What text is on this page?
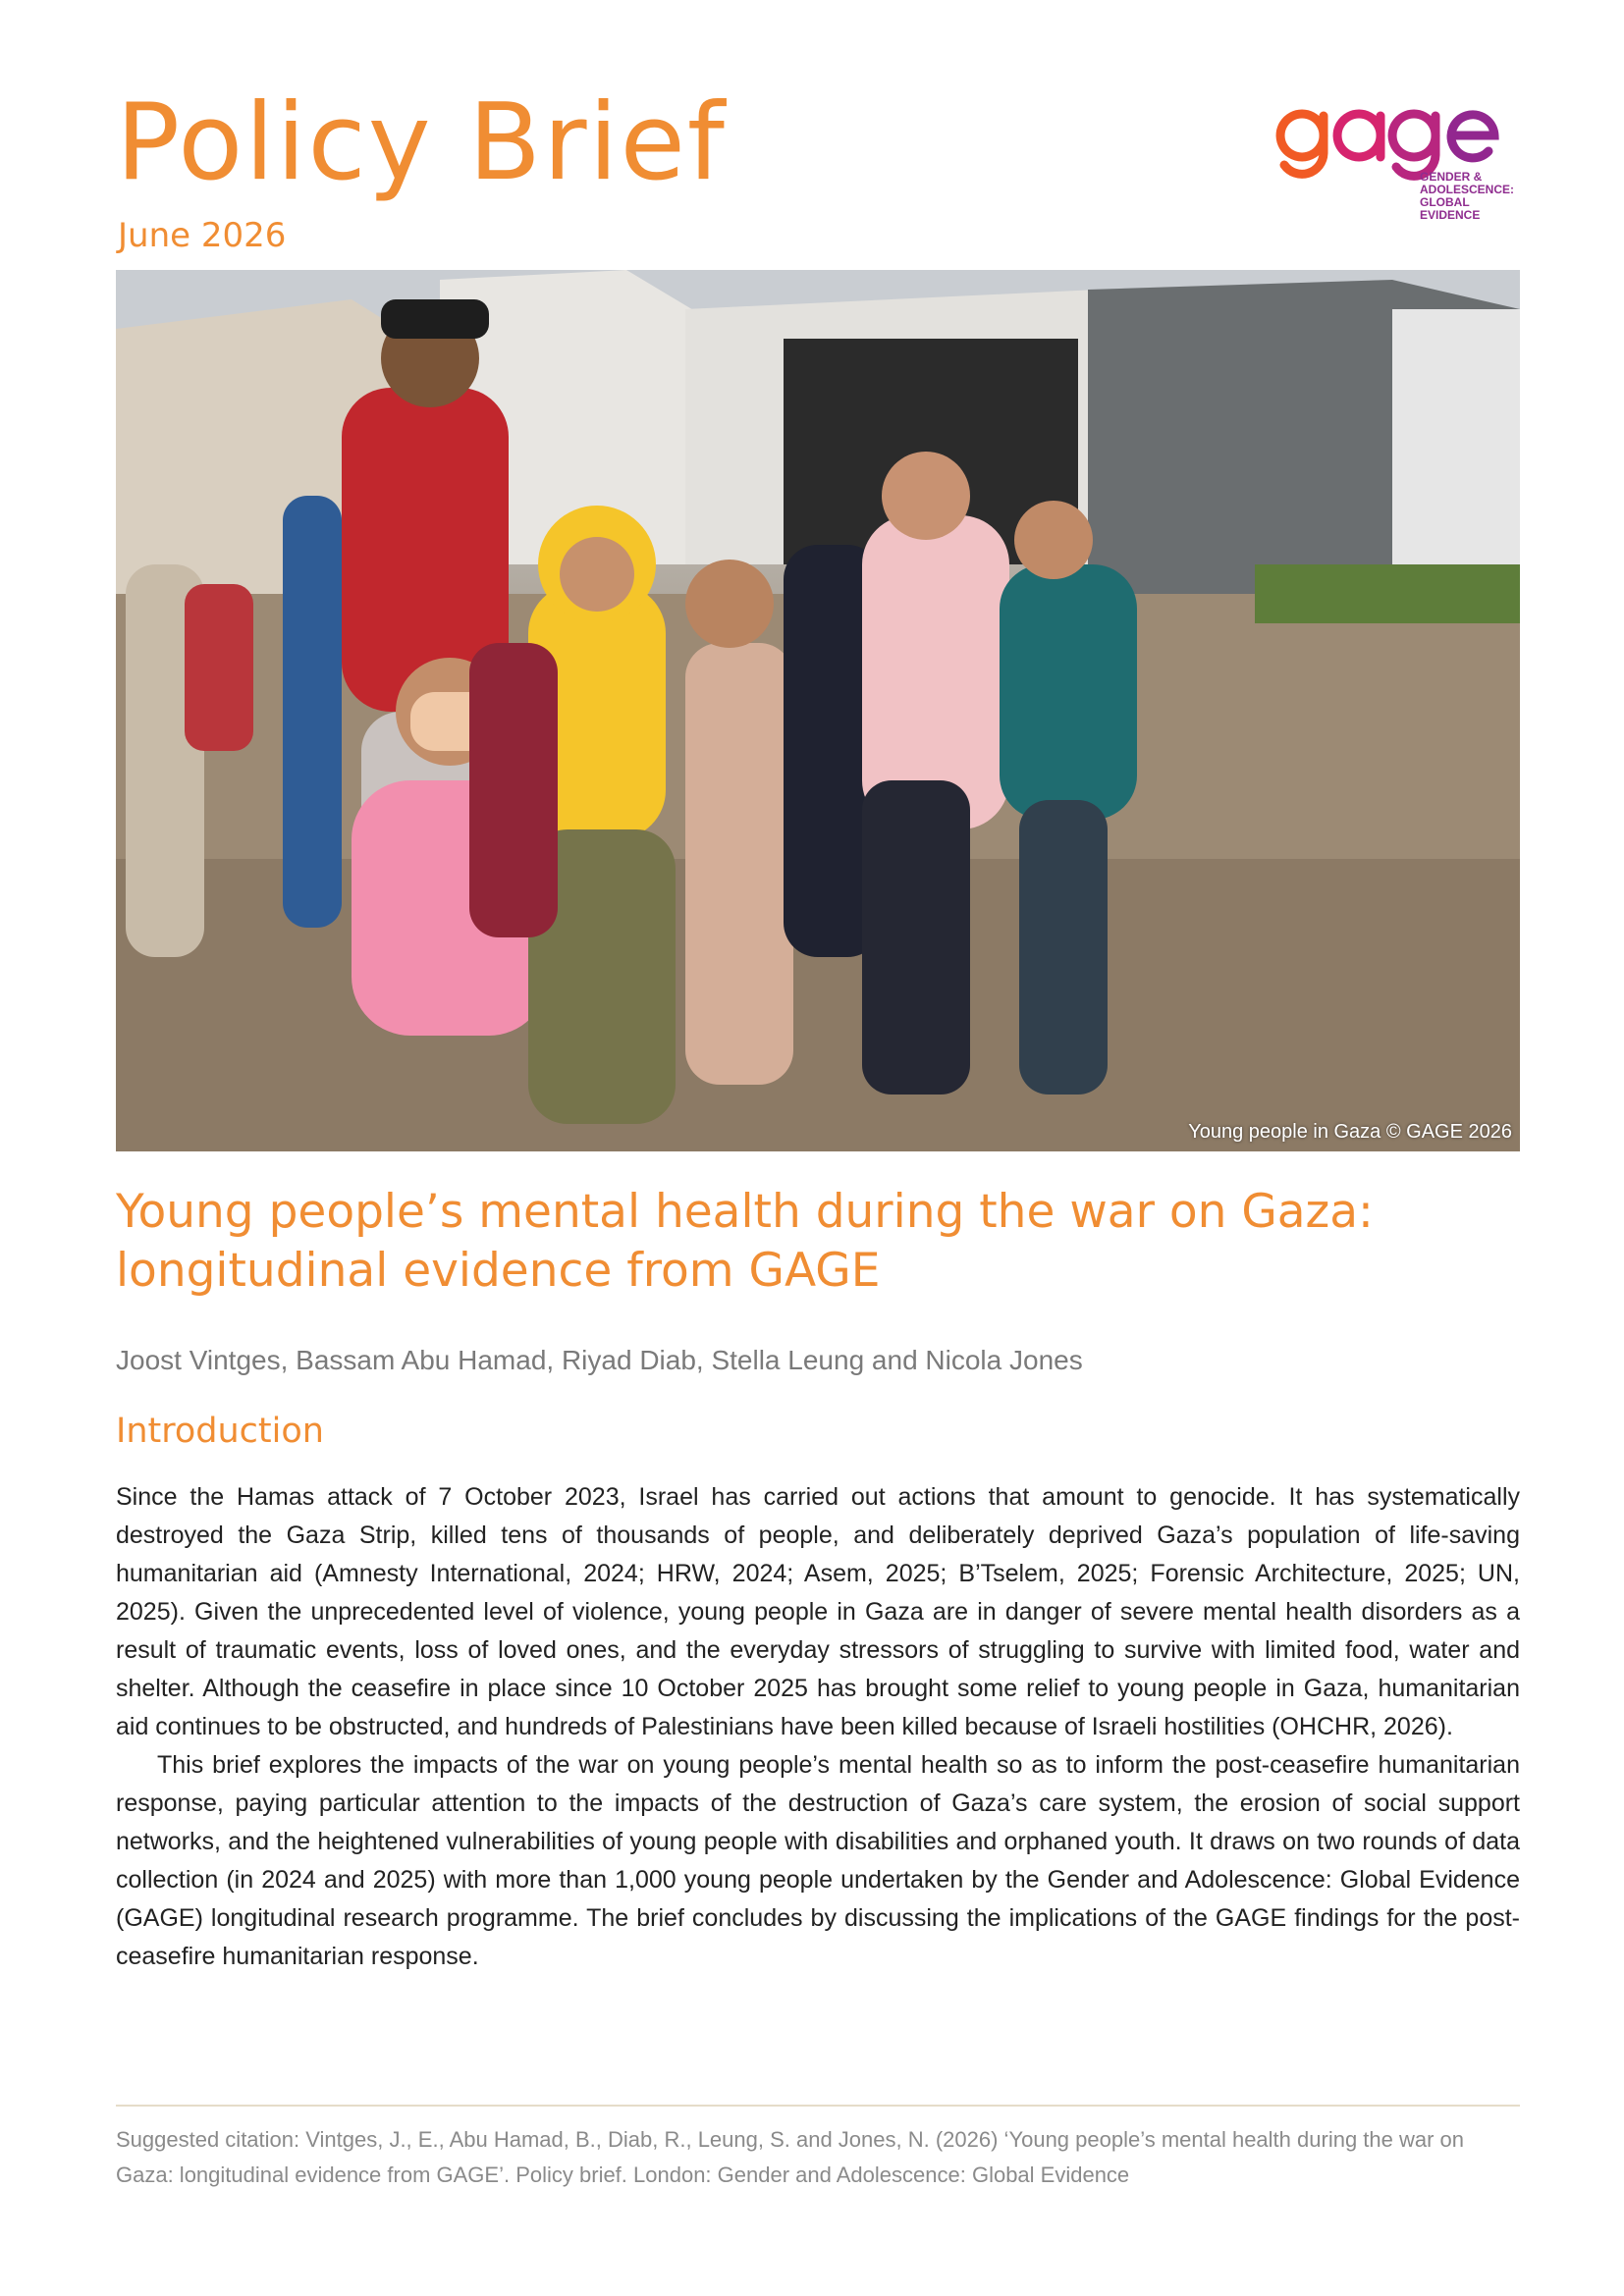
Policy Brief
June 2026
GENDER &
ADOLESCENCE:
GLOBAL
EVIDENCE
Young people in Gaza © GAGE 2026
Young people’s mental health during the war on Gaza:
longitudinal evidence from GAGE
Joost Vintges, Bassam Abu Hamad, Riyad Diab, Stella Leung and Nicola Jones
Introduction

Since the Hamas attack of 7 October 2023, Israel has carried out actions that amount to genocide. It has systematically destroyed the Gaza Strip, killed tens of thousands of people, and deliberately deprived Gaza’s population of life-saving humanitarian aid (Amnesty International, 2024; HRW, 2024; Asem, 2025; B’Tselem, 2025; Forensic Architecture, 2025; UN, 2025). Given the unprecedented level of violence, young people in Gaza are in danger of severe mental health disorders as a result of traumatic events, loss of loved ones, and the everyday stressors of struggling to survive with limited food, water and shelter. Although the ceasefire in place since 10 October 2025 has brought some relief to young people in Gaza, humanitarian aid continues to be obstructed, and hundreds of Palestinians have been killed because of Israeli hostilities (OHCHR, 2026).

This brief explores the impacts of the war on young people’s mental health so as to inform the post-ceasefire humanitarian response, paying particular attention to the impacts of the destruction of Gaza’s care system, the erosion of social support networks, and the heightened vulnerabilities of young people with disabilities and orphaned youth. It draws on two rounds of data collection (in 2024 and 2025) with more than 1,000 young people undertaken by the Gender and Adolescence: Global Evidence (GAGE) longitudinal research programme. The brief concludes by discussing the implications of the GAGE findings for the post-ceasefire humanitarian response.

Suggested citation: Vintges, J., E., Abu Hamad, B., Diab, R., Leung, S. and Jones, N. (2026) ‘Young people’s mental health during the war on Gaza: longitudinal evidence from GAGE’. Policy brief. London: Gender and Adolescence: Global Evidence
